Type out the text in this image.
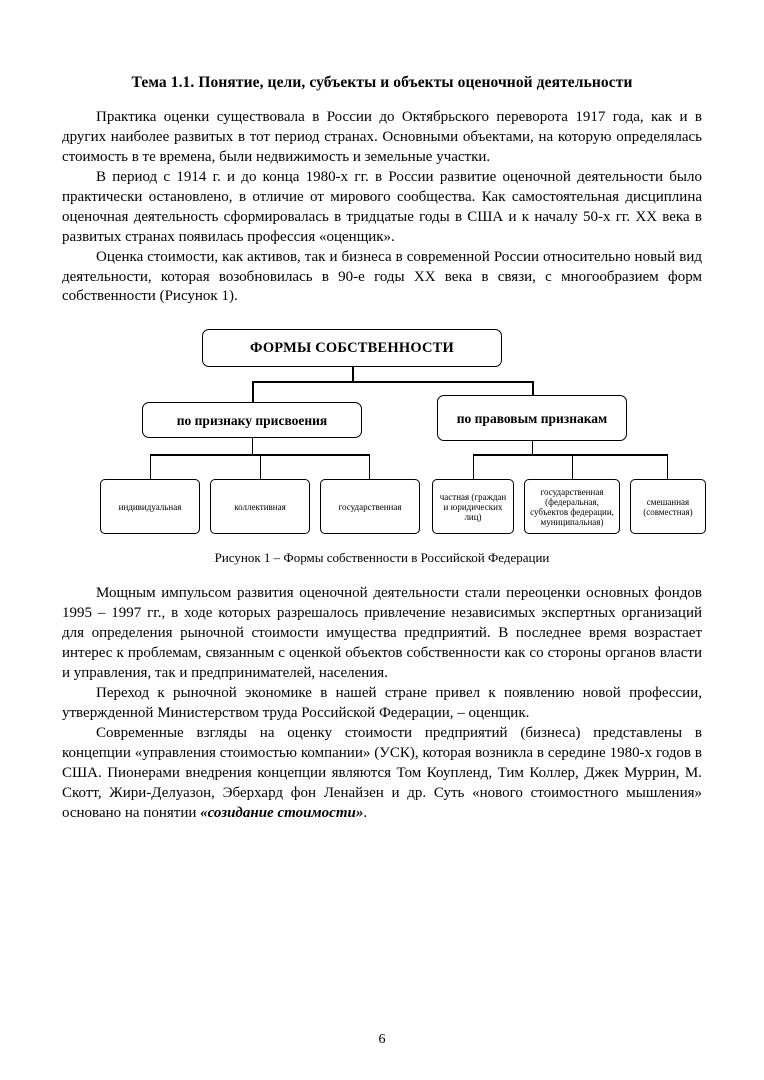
Тема 1.1. Понятие, цели, субъекты и объекты оценочной деятельности

Практика оценки существовала в России до Октябрьского переворота 1917 года, как и в других наиболее развитых в тот период странах. Основными объектами, на которую определялась стоимость в те времена, были недвижимость и земельные участки.

В период с 1914 г. и до конца 1980-х гг. в России развитие оценочной деятельности было практически остановлено, в отличие от мирового сообщества. Как самостоятельная дисциплина оценочная деятельность сформировалась в тридцатые годы в США и к началу 50-х гг. XX века в развитых странах появилась профессия «оценщик».

Оценка стоимости, как активов, так и бизнеса в современной России относительно новый вид деятельности, которая возобновилась в 90-е годы XX века в связи, с многообразием форм собственности (Рисунок 1).

ФОРМЫ СОБСТВЕННОСТИ
по признаку присвоения	по правовым признакам
индивидуальная	коллективная	государственная
частная (граждан и юридических лиц)
государственная (федеральная, субъектов федерации, муниципальная)
смешанная (совместная)
Рисунок 1 – Формы собственности в Российской Федерации

Мощным импульсом развития оценочной деятельности стали переоценки основных фондов 1995 – 1997 гг., в ходе которых разрешалось привлечение независимых экспертных организаций для определения рыночной стоимости имущества предприятий. В последнее время возрастает интерес к проблемам, связанным с оценкой объектов собственности как со стороны органов власти и управления, так и предпринимателей, населения.

Переход к рыночной экономике в нашей стране привел к появлению новой профессии, утвержденной Министерством труда Российской Федерации, – оценщик.

Современные взгляды на оценку стоимости предприятий (бизнеса) представлены в концепции «управления стоимостью компании» (УСК), которая возникла в середине 1980-х годов в США. Пионерами внедрения концепции являются Том Коупленд, Тим Коллер, Джек Муррин, М. Скотт, Жири-Делуазон, Эберхард фон Ленайзен и др. Суть «нового стоимостного мышления» основано на понятии «созидание стоимости».

6
